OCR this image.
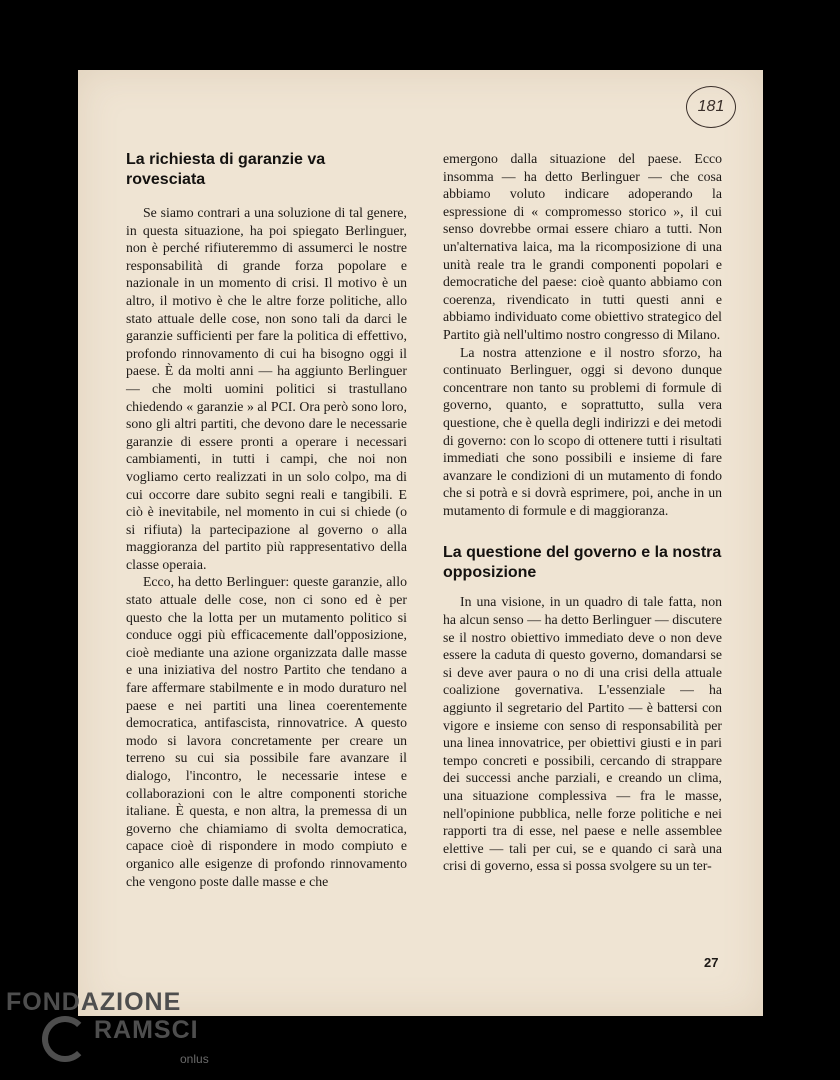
181
La richiesta di garanzie va rovesciata

Se siamo contrari a una soluzione di tal genere, in questa situazione, ha poi spiegato Berlinguer, non è perché rifiuteremmo di assumerci le nostre responsabilità di grande forza popolare e nazionale in un momento di crisi. Il motivo è un altro, il motivo è che le altre forze politiche, allo stato attuale delle cose, non sono tali da darci le garanzie sufficienti per fare la politica di effettivo, profondo rinnovamento di cui ha bisogno oggi il paese. È da molti anni — ha aggiunto Berlinguer — che molti uomini politici si trastullano chiedendo « garanzie » al PCI. Ora però sono loro, sono gli altri partiti, che devono dare le necessarie garanzie di essere pronti a operare i necessari cambiamenti, in tutti i campi, che noi non vogliamo certo realizzati in un solo colpo, ma di cui occorre dare subito segni reali e tangibili. E ciò è inevitabile, nel momento in cui si chiede (o si rifiuta) la partecipazione al governo o alla maggioranza del partito più rappresentativo della classe operaia.

Ecco, ha detto Berlinguer: queste garanzie, allo stato attuale delle cose, non ci sono ed è per questo che la lotta per un mutamento politico si conduce oggi più efficacemente dall'opposizione, cioè mediante una azione organizzata dalle masse e una iniziativa del nostro Partito che tendano a fare affermare stabilmente e in modo duraturo nel paese e nei partiti una linea coerentemente democratica, antifascista, rinnovatrice. A questo modo si lavora concretamente per creare un terreno su cui sia possibile fare avanzare il dialogo, l'incontro, le necessarie intese e collaborazioni con le altre componenti storiche italiane. È questa, e non altra, la premessa di un governo che chiamiamo di svolta democratica, capace cioè di rispondere in modo compiuto e organico alle esigenze di profondo rinnovamento che vengono poste dalle masse e che

emergono dalla situazione del paese. Ecco insomma — ha detto Berlinguer — che cosa abbiamo voluto indicare adoperando la espressione di « compromesso storico », il cui senso dovrebbe ormai essere chiaro a tutti. Non un'alternativa laica, ma la ricomposizione di una unità reale tra le grandi componenti popolari e democratiche del paese: cioè quanto abbiamo con coerenza, rivendicato in tutti questi anni e abbiamo individuato come obiettivo strategico del Partito già nell'ultimo nostro congresso di Milano.

La nostra attenzione e il nostro sforzo, ha continuato Berlinguer, oggi si devono dunque concentrare non tanto su problemi di formule di governo, quanto, e soprattutto, sulla vera questione, che è quella degli indirizzi e dei metodi di governo: con lo scopo di ottenere tutti i risultati immediati che sono possibili e insieme di fare avanzare le condizioni di un mutamento di fondo che si potrà e si dovrà esprimere, poi, anche in un mutamento di formule e di maggioranza.

La questione del governo e la nostra opposizione

In una visione, in un quadro di tale fatta, non ha alcun senso — ha detto Berlinguer — discutere se il nostro obiettivo immediato deve o non deve essere la caduta di questo governo, domandarsi se si deve aver paura o no di una crisi della attuale coalizione governativa. L'essenziale — ha aggiunto il segretario del Partito — è battersi con vigore e insieme con senso di responsabilità per una linea innovatrice, per obiettivi giusti e in pari tempo concreti e possibili, cercando di strappare dei successi anche parziali, e creando un clima, una situazione complessiva — fra le masse, nell'opinione pubblica, nelle forze politiche e nei rapporti tra di esse, nel paese e nelle assemblee elettive — tali per cui, se e quando ci sarà una crisi di governo, essa si possa svolgere su un ter-

27
FONDAZIONE
RAMSCI
onlus
